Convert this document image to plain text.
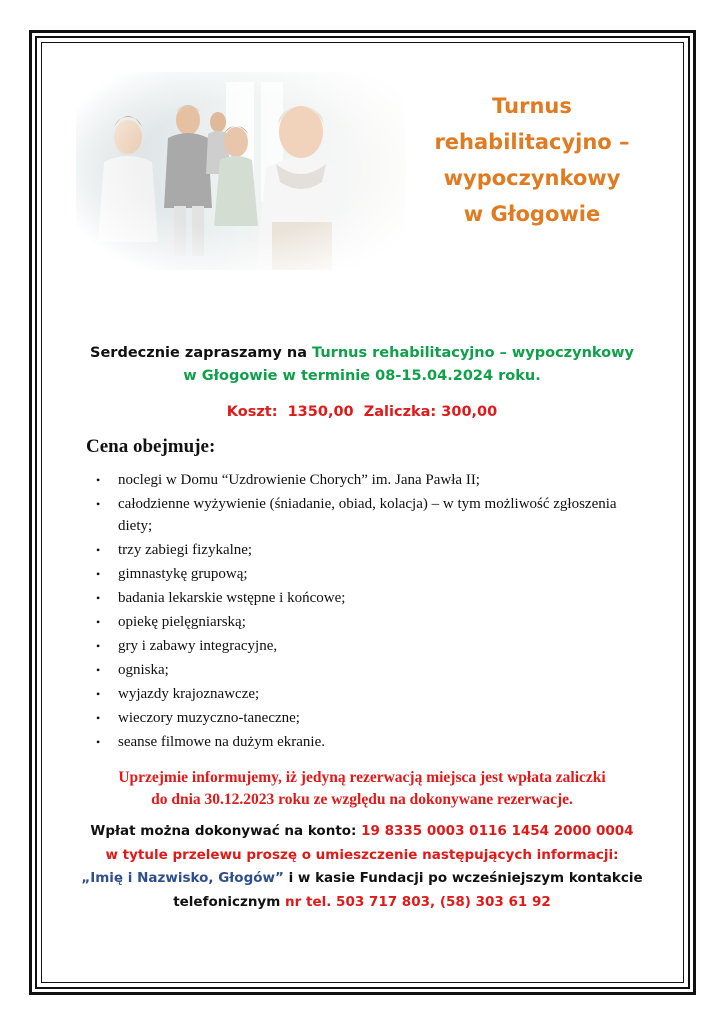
Turnus
rehabilitacyjno –
wypoczynkowy
w Głogowie
Serdecznie zapraszamy na Turnus rehabilitacyjno – wypoczynkowy
w Głogowie w terminie 08-15.04.2024 roku.
Koszt:  1350,00  Zaliczka: 300,00
Cena obejmuje:
• noclegi w Domu “Uzdrowienie Chorych” im. Jana Pawła II;
• całodzienne wyżywienie (śniadanie, obiad, kolacja) – w tym możliwość zgłoszenia diety;
• trzy zabiegi fizykalne;
• gimnastykę grupową;
• badania lekarskie wstępne i końcowe;
• opiekę pielęgniarską;
• gry i zabawy integracyjne,
• ogniska;
• wyjazdy krajoznawcze;
• wieczory muzyczno-taneczne;
• seanse filmowe na dużym ekranie.
Uprzejmie informujemy, iż jedyną rezerwacją miejsca jest wpłata zaliczki
do dnia 30.12.2023 roku ze względu na dokonywane rezerwacje.
Wpłat można dokonywać na konto: 19 8335 0003 0116 1454 2000 0004
w tytule przelewu proszę o umieszczenie następujących informacji:
„Imię i Nazwisko, Głogów” i w kasie Fundacji po wcześniejszym kontakcie
telefonicznym nr tel. 503 717 803, (58) 303 61 92
